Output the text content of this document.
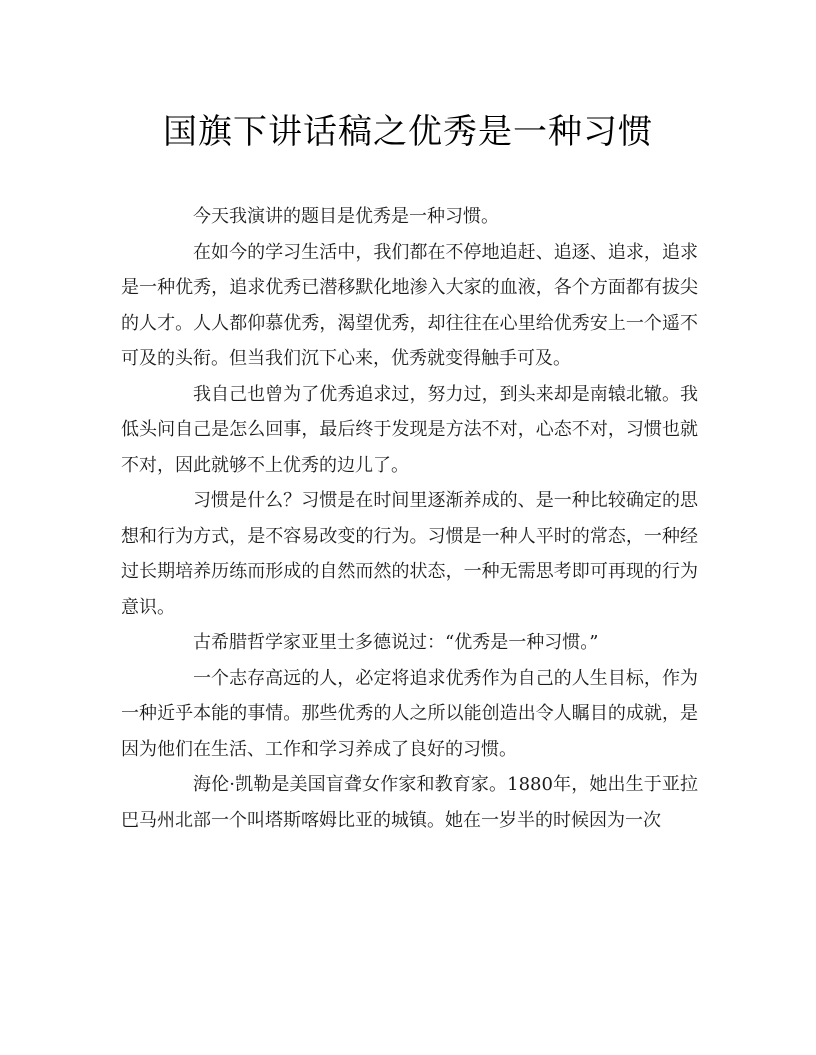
国旗下讲话稿之优秀是一种习惯

今天我演讲的题目是优秀是一种习惯。

在如今的学习生活中，我们都在不停地追赶、追逐、追求，追求是一种优秀，追求优秀已潜移默化地渗入大家的血液，各个方面都有拔尖的人才。人人都仰慕优秀，渴望优秀，却往往在心里给优秀安上一个遥不可及的头衔。但当我们沉下心来，优秀就变得触手可及。

我自己也曾为了优秀追求过，努力过，到头来却是南辕北辙。我低头问自己是怎么回事，最后终于发现是方法不对，心态不对，习惯也就不对，因此就够不上优秀的边儿了。

习惯是什么？习惯是在时间里逐渐养成的、是一种比较确定的思想和行为方式，是不容易改变的行为。习惯是一种人平时的常态，一种经过长期培养历练而形成的自然而然的状态，一种无需思考即可再现的行为意识。

古希腊哲学家亚里士多德说过：“优秀是一种习惯。”

一个志存高远的人，必定将追求优秀作为自己的人生目标，作为一种近乎本能的事情。那些优秀的人之所以能创造出令人瞩目的成就，是因为他们在生活、工作和学习养成了良好的习惯。

海伦·凯勒是美国盲聋女作家和教育家。1880年，她出生于亚拉巴马州北部一个叫塔斯喀姆比亚的城镇。她在一岁半的时候因为一次
